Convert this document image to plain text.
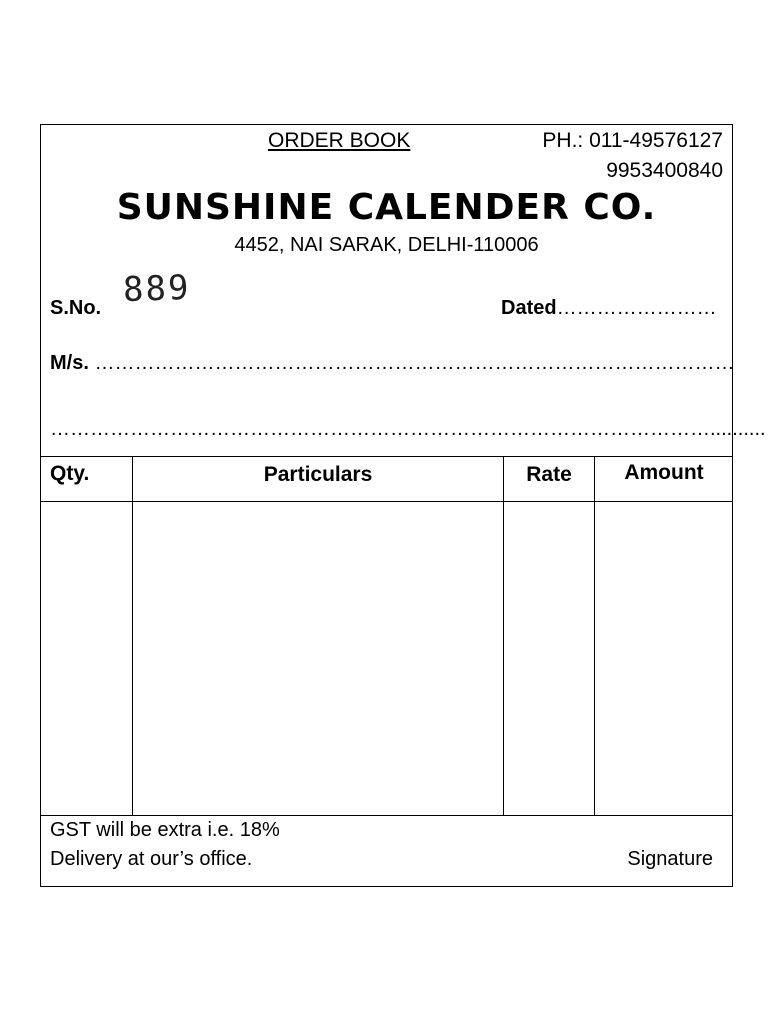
ORDER BOOK	PH.: 011-49576127
9953400840
SUNSHINE CALENDER CO.
4452, NAI SARAK, DELHI-110006
S.No. 889	Dated……………………
M/s. ……………………………………………………………………………………
………………………………………………………………………………………..........
Qty.	Particulars	Rate	Amount
GST will be extra i.e. 18%
Delivery at our’s office.	Signature
